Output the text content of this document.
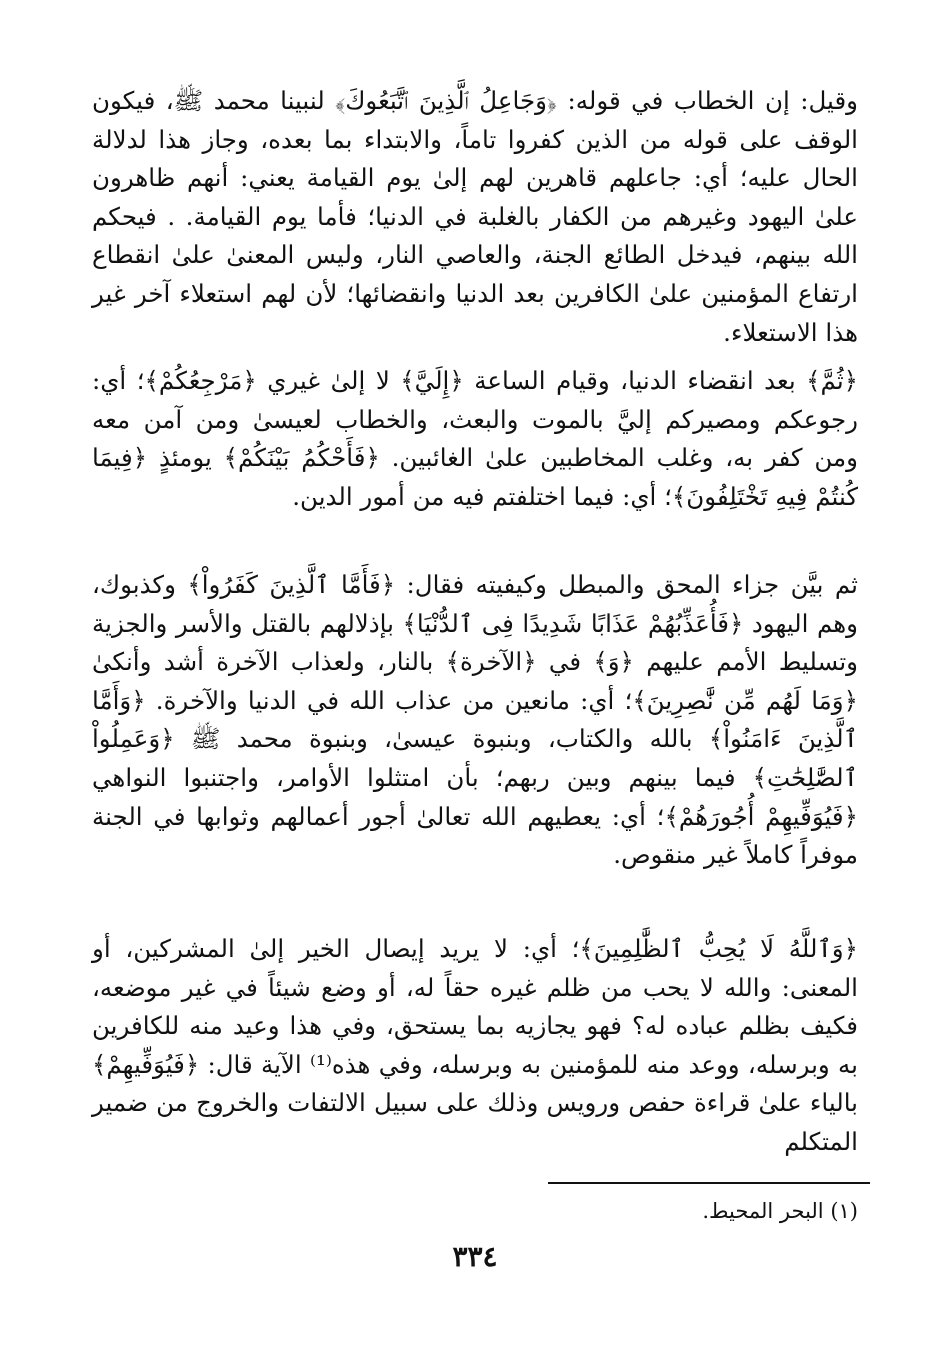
وقيل: إن الخطاب في قوله: ﴿وَجَاعِلُ ٱلَّذِينَ ٱتَّبَعُوكَ﴾ لنبينا محمد ﷺ، فيكون الوقف على قوله من الذين كفروا تاماً، والابتداء بما بعده، وجاز هذا لدلالة الحال عليه؛ أي: جاعلهم قاهرين لهم إلىٰ يوم القيامة يعني: أنهم ظاهرون علىٰ اليهود وغيرهم من الكفار بالغلبة في الدنيا؛ فأما يوم القيامة. . فيحكم الله بينهم، فيدخل الطائع الجنة، والعاصي النار، وليس المعنىٰ علىٰ انقطاع ارتفاع المؤمنين علىٰ الكافرين بعد الدنيا وانقضائها؛ لأن لهم استعلاء آخر غير هذا الاستعلاء.

﴿ثُمَّ﴾ بعد انقضاء الدنيا، وقيام الساعة ﴿إِلَيَّ﴾ لا إلىٰ غيري ﴿مَرْجِعُكُمْ﴾؛ أي: رجوعكم ومصيركم إليَّ بالموت والبعث، والخطاب لعيسىٰ ومن آمن معه ومن كفر به، وغلب المخاطبين علىٰ الغائبين. ﴿فَأَحْكُمُ بَيْنَكُمْ﴾ يومئذٍ ﴿فِيمَا كُنتُمْ فِيهِ تَخْتَلِفُونَ﴾؛ أي: فيما اختلفتم فيه من أمور الدين.

ثم بيَّن جزاء المحق والمبطل وكيفيته فقال: ﴿فَأَمَّا ٱلَّذِينَ كَفَرُواْ﴾ وكذبوك، وهم اليهود ﴿فَأُعَذِّبُهُمْ عَذَابًا شَدِيدًا فِى ٱلدُّنْيَا﴾ بإذلالهم بالقتل والأسر والجزية وتسليط الأمم عليهم ﴿وَ﴾ في ﴿الآخرة﴾ بالنار، ولعذاب الآخرة أشد وأنكىٰ ﴿وَمَا لَهُم مِّن نَّٰصِرِينَ﴾؛ أي: مانعين من عذاب الله في الدنيا والآخرة. ﴿وَأَمَّا ٱلَّذِينَ ءَامَنُواْ﴾ بالله والكتاب، وبنبوة عيسىٰ، وبنبوة محمد ﷺ ﴿وَعَمِلُواْ ٱلصَّٰلِحَٰتِ﴾ فيما بينهم وبين ربهم؛ بأن امتثلوا الأوامر، واجتنبوا النواهي ﴿فَيُوَفِّيهِمْ أُجُورَهُمْ﴾؛ أي: يعطيهم الله تعالىٰ أجور أعمالهم وثوابها في الجنة موفراً كاملاً غير منقوص.

﴿وَٱللَّهُ لَا يُحِبُّ ٱلظَّٰلِمِينَ﴾؛ أي: لا يريد إيصال الخير إلىٰ المشركين، أو المعنى: والله لا يحب من ظلم غيره حقاً له، أو وضع شيئاً في غير موضعه، فكيف بظلم عباده له؟ فهو يجازيه بما يستحق، وفي هذا وعيد منه للكافرين به وبرسله، ووعد منه للمؤمنين به وبرسله، وفي هذه⁽¹⁾ الآية قال: ﴿فَيُوَفِّيهِمْ﴾ بالياء علىٰ قراءة حفص ورويس وذلك على سبيل الالتفات والخروج من ضمير المتكلم

(١) البحر المحيط.
٣٣٤
